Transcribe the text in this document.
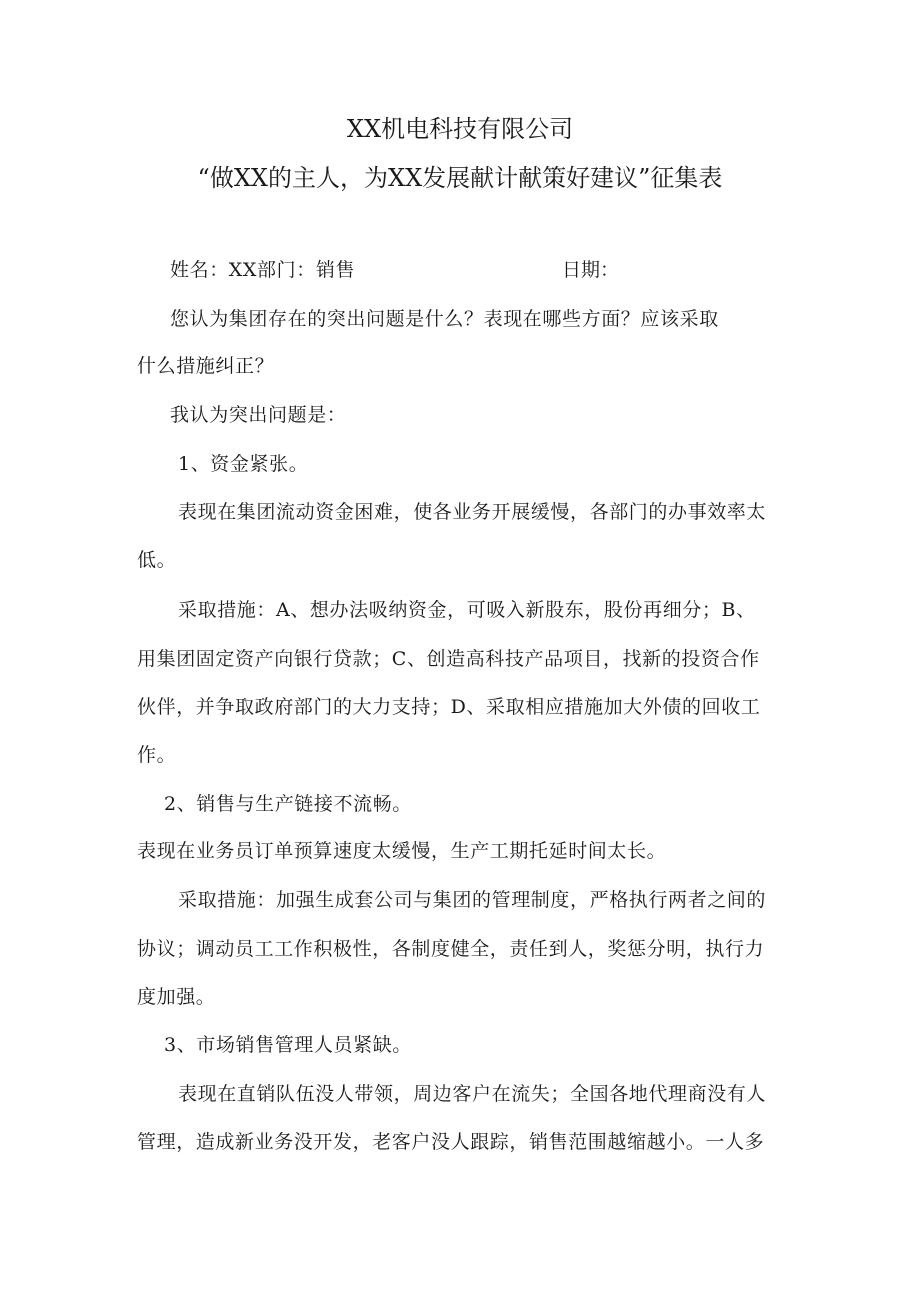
XX机电科技有限公司
“做XX的主人，为XX发展献计献策好建议”征集表
姓名：XX部门：销售	日期：
您认为集团存在的突出问题是什么？表现在哪些方面？应该采取
什么措施纠正？
我认为突出问题是：
1、资金紧张。
表现在集团流动资金困难，使各业务开展缓慢，各部门的办事效率太
低。
采取措施：A、想办法吸纳资金，可吸入新股东，股份再细分；B、
用集团固定资产向银行贷款；C、创造高科技产品项目，找新的投资合作
伙伴，并争取政府部门的大力支持；D、采取相应措施加大外债的回收工
作。
2、销售与生产链接不流畅。
表现在业务员订单预算速度太缓慢，生产工期托延时间太长。
采取措施：加强生成套公司与集团的管理制度，严格执行两者之间的
协议；调动员工工作积极性，各制度健全，责任到人，奖惩分明，执行力
度加强。
3、市场销售管理人员紧缺。
表现在直销队伍没人带领，周边客户在流失；全国各地代理商没有人
管理，造成新业务没开发，老客户没人跟踪，销售范围越缩越小。一人多
